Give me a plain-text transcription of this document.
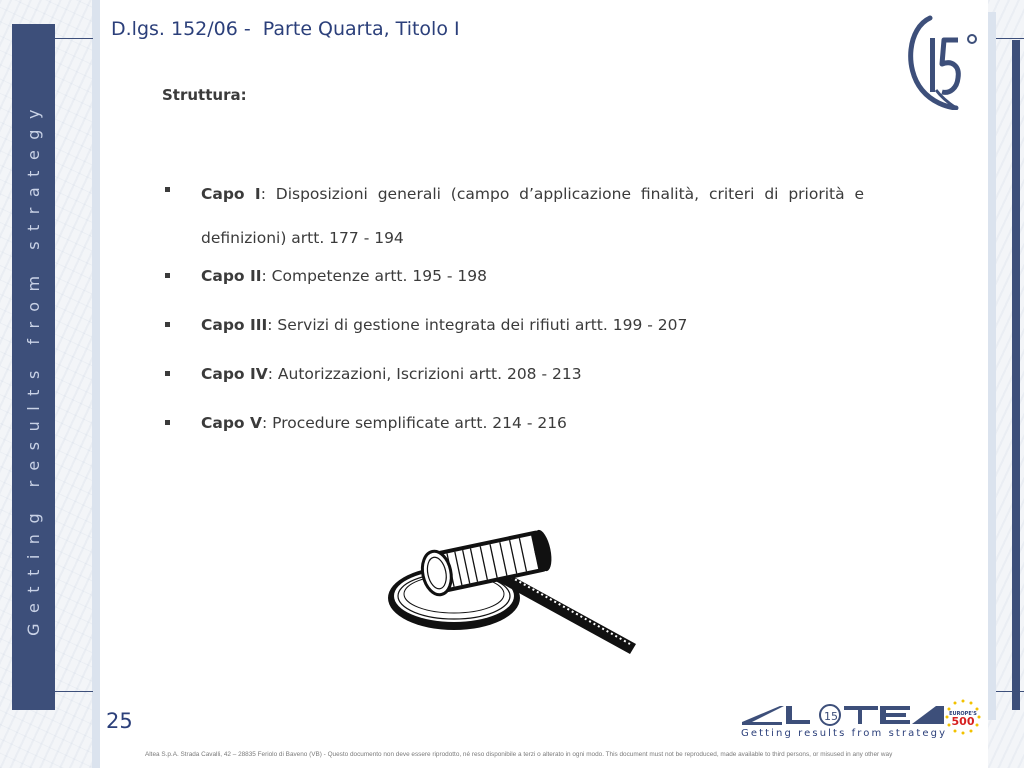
Getting results from strategy
D.lgs. 152/06 -  Parte Quarta, Titolo I
Struttura:
Capo I: Disposizioni generali (campo d’applicazione finalità, criteri di priorità e definizioni) artt. 177 - 194
Capo II: Competenze artt. 195 - 198
Capo III: Servizi di gestione integrata dei rifiuti artt. 199 - 207
Capo IV: Autorizzazioni, Iscrizioni artt. 208 - 213
Capo V: Procedure semplificate artt. 214 - 216
25	15
Getting results from strategy
EUROPE'S
500
Altea S.p.A. Strada Cavalli, 42 – 28835 Feriolo di Baveno (VB) - Questo documento non deve essere riprodotto, né reso disponibile a terzi o alterato in ogni modo. This document must not be reproduced, made available to third persons, or misused in any other way
